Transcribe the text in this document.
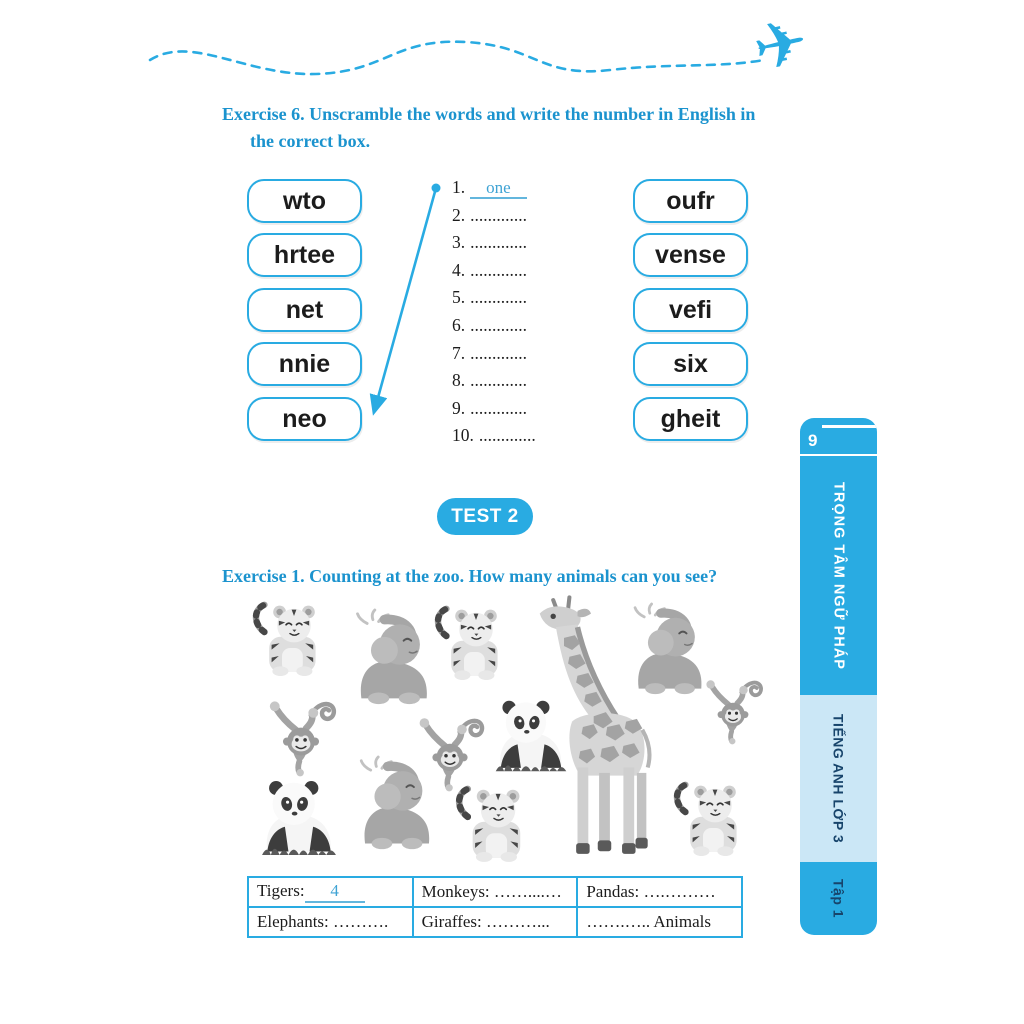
✈
Exercise 6. Unscramble the words and write the number in English in
the correct box.
wto
hrtee
net
nnie
neo
oufr
vense
vefi
six
gheit
1. one
2. .............
3. .............
4. .............
5. .............
6. .............
7. .............
8. .............
9. .............
10. .............
TEST 2
Exercise 1. Counting at the zoo. How many animals can you see?
Tigers: 4	Monkeys: ……....…	Pandas: ….………
Elephants: ……….	Giraffes: ………...	…….….. Animals
9
TRỌNG TÂM NGỮ PHÁP
TIẾNG ANH LỚP 3
Tập 1
